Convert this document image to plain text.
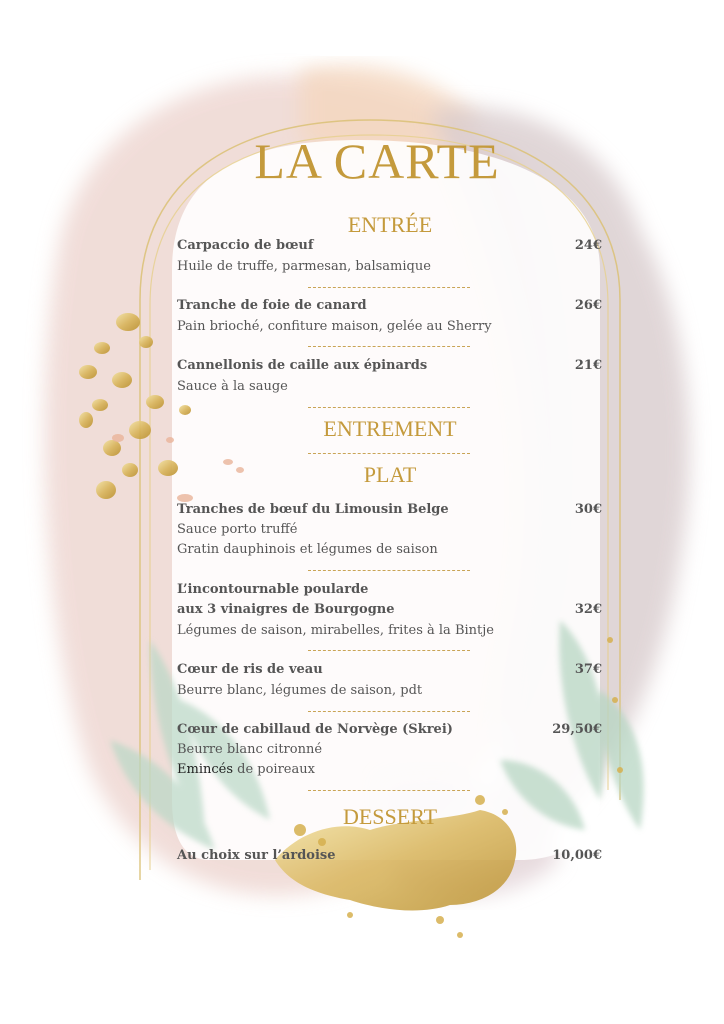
LA CARTE
ENTRÉE
Carpaccio de bœuf	24€
Huile de truffe, parmesan, balsamique
Tranche de foie de canard	26€
Pain brioché, confiture maison, gelée au Sherry
Cannellonis de caille aux épinards	21€
Sauce à la sauge
ENTREMENT
PLAT
Tranches de bœuf du Limousin Belge	30€
Sauce porto truffé
Gratin dauphinois et légumes de saison
L’incontournable poularde
aux 3 vinaigres de Bourgogne	32€
Légumes de saison, mirabelles, frites à la Bintje
Cœur de ris de veau	37€
Beurre blanc, légumes de saison, pdt
Cœur de cabillaud de Norvège (Skrei)	29,50€
Beurre blanc citronné
Emincés de poireaux
DESSERT
Au choix sur l’ardoise	10,00€
